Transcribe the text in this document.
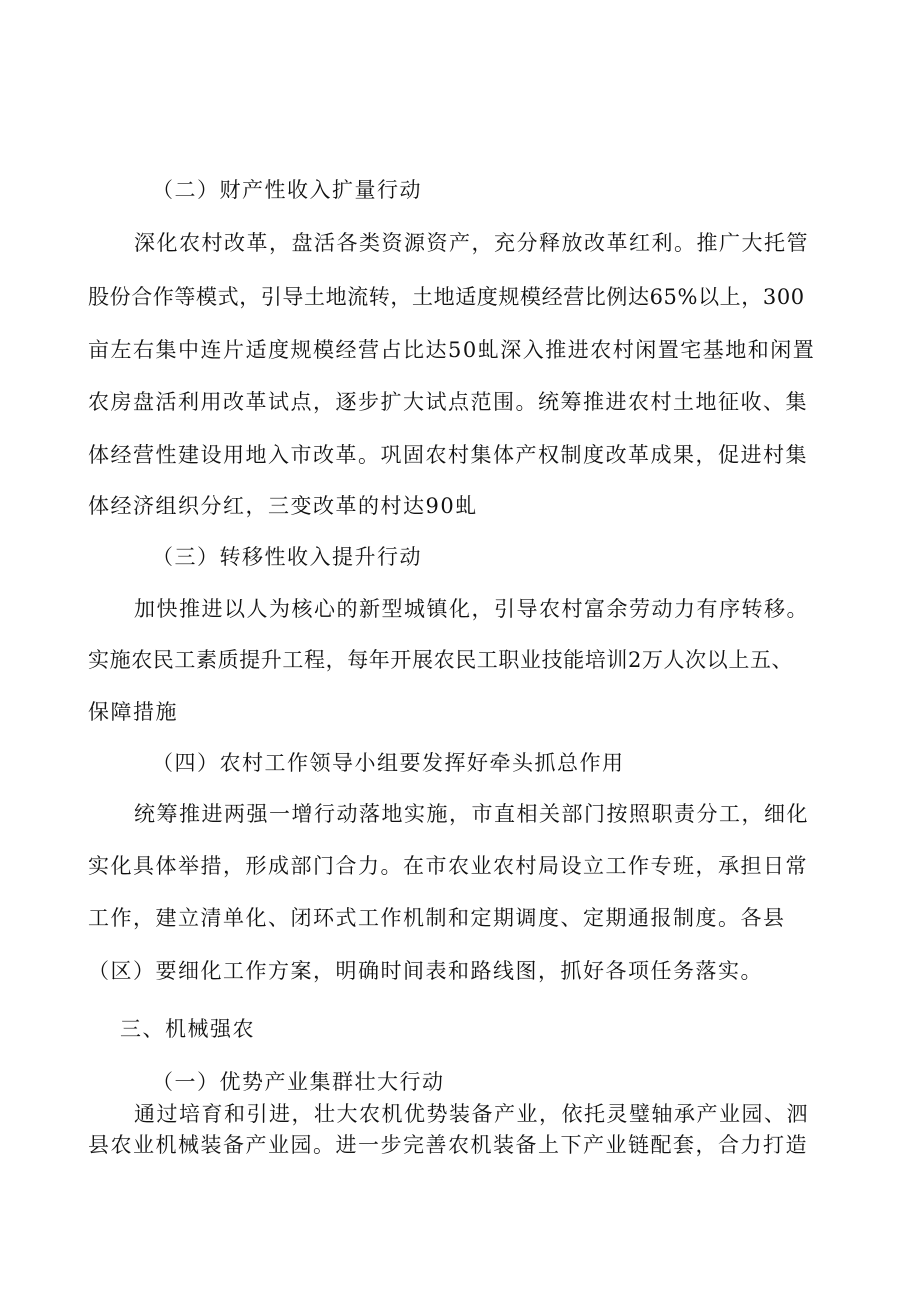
（二）财产性收入扩量行动
深化农村改革，盘活各类资源资产，充分释放改革红利。推广大托管
股份合作等模式，引导土地流转，土地适度规模经营比例达65%以上，300
亩左右集中连片适度规模经营占比达50虬深入推进农村闲置宅基地和闲置
农房盘活利用改革试点，逐步扩大试点范围。统筹推进农村土地征收、集
体经营性建设用地入市改革。巩固农村集体产权制度改革成果，促进村集
体经济组织分红，三变改革的村达90虬
（三）转移性收入提升行动
加快推进以人为核心的新型城镇化，引导农村富余劳动力有序转移。
实施农民工素质提升工程，每年开展农民工职业技能培训2万人次以上五、
保障措施
（四）农村工作领导小组要发挥好牵头抓总作用
统筹推进两强一增行动落地实施，市直相关部门按照职责分工，细化
实化具体举措，形成部门合力。在市农业农村局设立工作专班，承担日常
工作，建立清单化、闭环式工作机制和定期调度、定期通报制度。各县
（区）要细化工作方案，明确时间表和路线图，抓好各项任务落实。
三、机械强农
（一）优势产业集群壮大行动
通过培育和引进，壮大农机优势装备产业，依托灵璧轴承产业园、泗
县农业机械装备产业园。进一步完善农机装备上下产业链配套，合力打造
